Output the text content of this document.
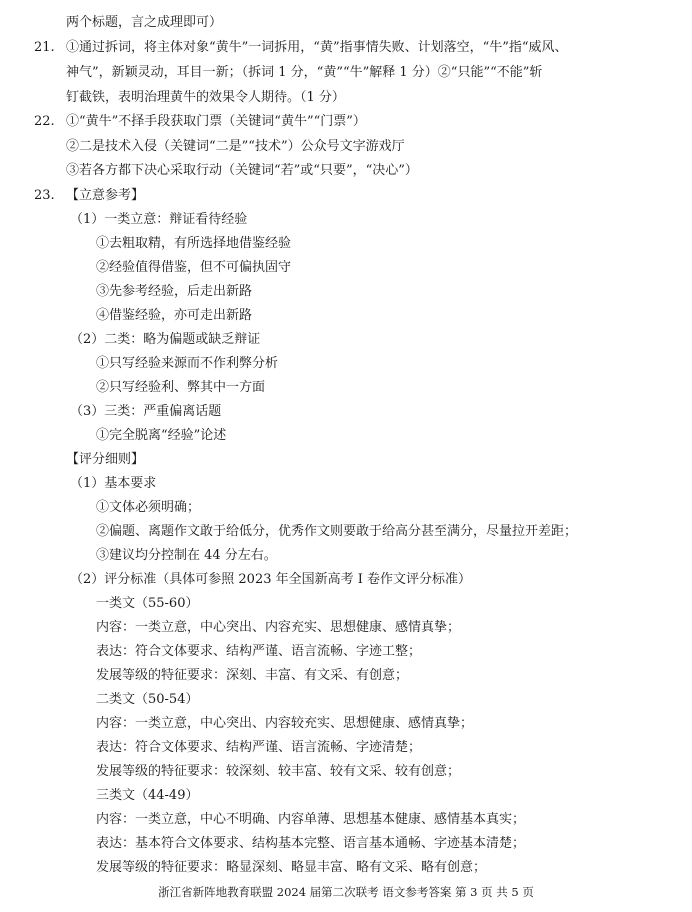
两个标题，言之成理即可）
21. ①通过拆词，将主体对象“黄牛”一词拆用，“黄”指事情失败、计划落空，“牛”指“威风、
神气”，新颖灵动，耳目一新；（拆词 1 分，“黄”“牛”解释 1 分）②“只能”“不能”斩
钉截铁，表明治理黄牛的效果令人期待。（1 分）
22. ①“黄牛”不择手段获取门票（关键词“黄牛”“门票”）
②二是技术入侵（关键词“二是”“技术”）公众号文字游戏厅
③若各方都下决心采取行动（关键词“若”或“只要”，“决心”）
23. 【立意参考】
（1）一类立意：辩证看待经验
①去粗取精，有所选择地借鉴经验
②经验值得借鉴，但不可偏执固守
③先参考经验，后走出新路
④借鉴经验，亦可走出新路
（2）二类：略为偏题或缺乏辩证
①只写经验来源而不作利弊分析
②只写经验利、弊其中一方面
（3）三类：严重偏离话题
①完全脱离“经验”论述
【评分细则】
（1）基本要求
①文体必须明确；
②偏题、离题作文敢于给低分，优秀作文则要敢于给高分甚至满分，尽量拉开差距；
③建议均分控制在 44 分左右。
（2）评分标准（具体可参照 2023 年全国新高考 I 卷作文评分标准）
一类文（55-60）
内容：一类立意，中心突出、内容充实、思想健康、感情真挚；
表达：符合文体要求、结构严谨、语言流畅、字迹工整；
发展等级的特征要求：深刻、丰富、有文采、有创意；
二类文（50-54）
内容：一类立意，中心突出、内容较充实、思想健康、感情真挚；
表达：符合文体要求、结构严谨、语言流畅、字迹清楚；
发展等级的特征要求：较深刻、较丰富、较有文采、较有创意；
三类文（44-49）
内容：一类立意，中心不明确、内容单薄、思想基本健康、感情基本真实；
表达：基本符合文体要求、结构基本完整、语言基本通畅、字迹基本清楚；
发展等级的特征要求：略显深刻、略显丰富、略有文采、略有创意；
浙江省新阵地教育联盟 2024 届第二次联考 语文参考答案 第 3 页 共 5 页
